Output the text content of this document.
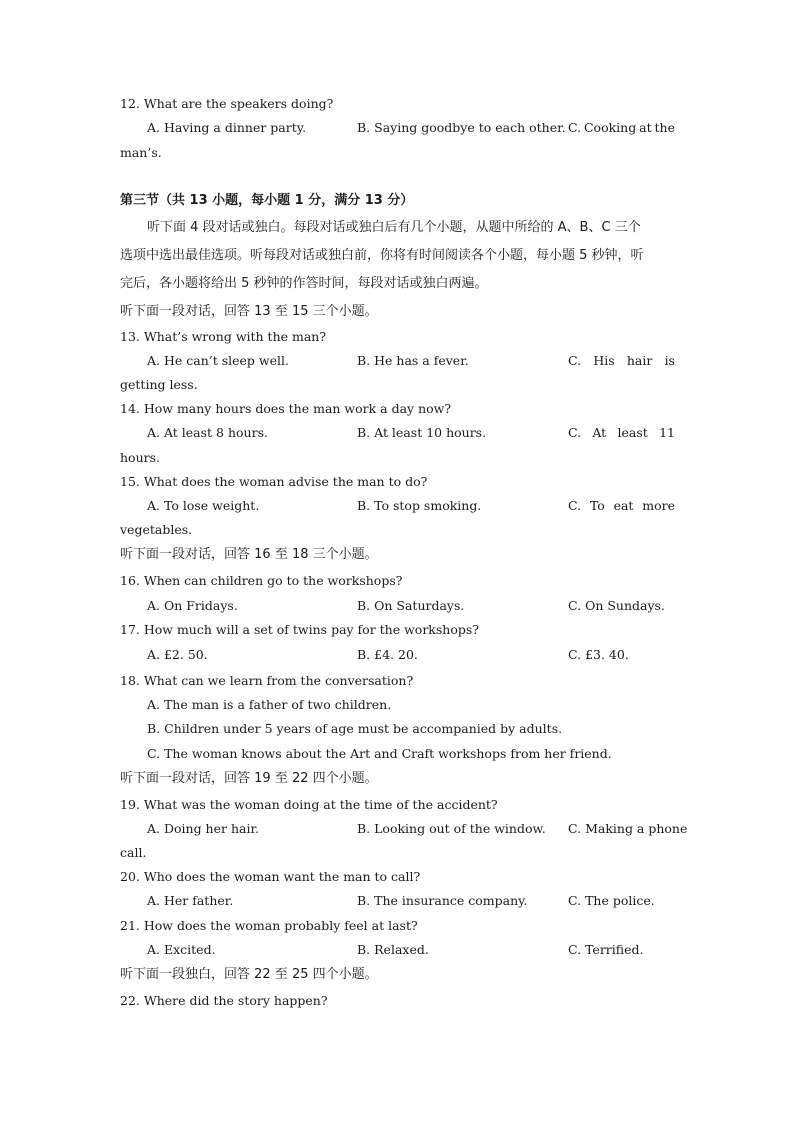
12. What are the speakers doing?
A. Having a dinner party.	B. Saying goodbye to each other. C. Cooking at the
man’s.
第三节（共 13 小题，每小题 1 分，满分 13 分）
听下面 4 段对话或独白。每段对话或独白后有几个小题，从题中所给的 A、B、C 三个
选项中选出最佳选项。听每段对话或独白前，你将有时间阅读各个小题，每小题 5 秒钟，听
完后，各小题将给出 5 秒钟的作答时间，每段对话或独白两遍。
听下面一段对话，回答 13 至 15 三个小题。
13. What’s wrong with the man?
A. He can’t sleep well.	B. He has a fever.	C. His hair is
getting less.
14. How many hours does the man work a day now?
A. At least 8 hours.	B. At least 10 hours.	C. At least 11
hours.
15. What does the woman advise the man to do?
A. To lose weight.	B. To stop smoking.	C. To eat more
vegetables.
听下面一段对话，回答 16 至 18 三个小题。
16. When can children go to the workshops?
A. On Fridays.	B. On Saturdays.	C. On Sundays.
17. How much will a set of twins pay for the workshops?
A. £2. 50.	B. £4. 20.	C. £3. 40.
18. What can we learn from the conversation?
A. The man is a father of two children.
B. Children under 5 years of age must be accompanied by adults.
C. The woman knows about the Art and Craft workshops from her friend.
听下面一段对话，回答 19 至 22 四个小题。
19. What was the woman doing at the time of the accident?
A. Doing her hair.	B. Looking out of the window. C. Making a phone
call.
20. Who does the woman want the man to call?
A. Her father.	B. The insurance company.	C. The police.
21. How does the woman probably feel at last?
A. Excited.	B. Relaxed.	C. Terrified.
听下面一段独白，回答 22 至 25 四个小题。
22. Where did the story happen?
